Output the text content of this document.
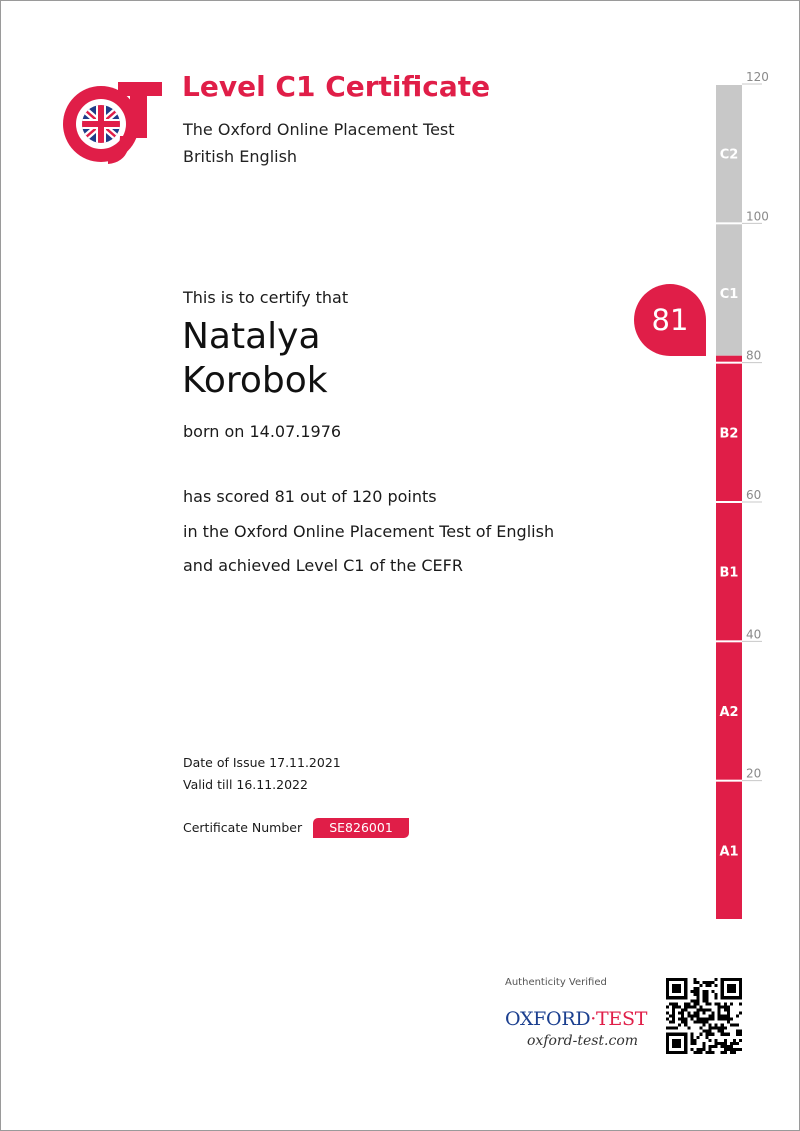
Level C1 Certificate
The Oxford Online Placement Test
British English
This is to certify that
Natalya
Korobok
born on 14.07.1976
has scored 81 out of 120 points
in the Oxford Online Placement Test of English
and achieved Level C1 of the CEFR
Date of Issue 17.11.2021
Valid till 16.11.2022
Certificate Number	SE826001
C2
C1
B2
B1
A2
A1
120
100
80
60
40
20
81
Authenticity Verified
OXFORD·TEST
oxford-test.com
